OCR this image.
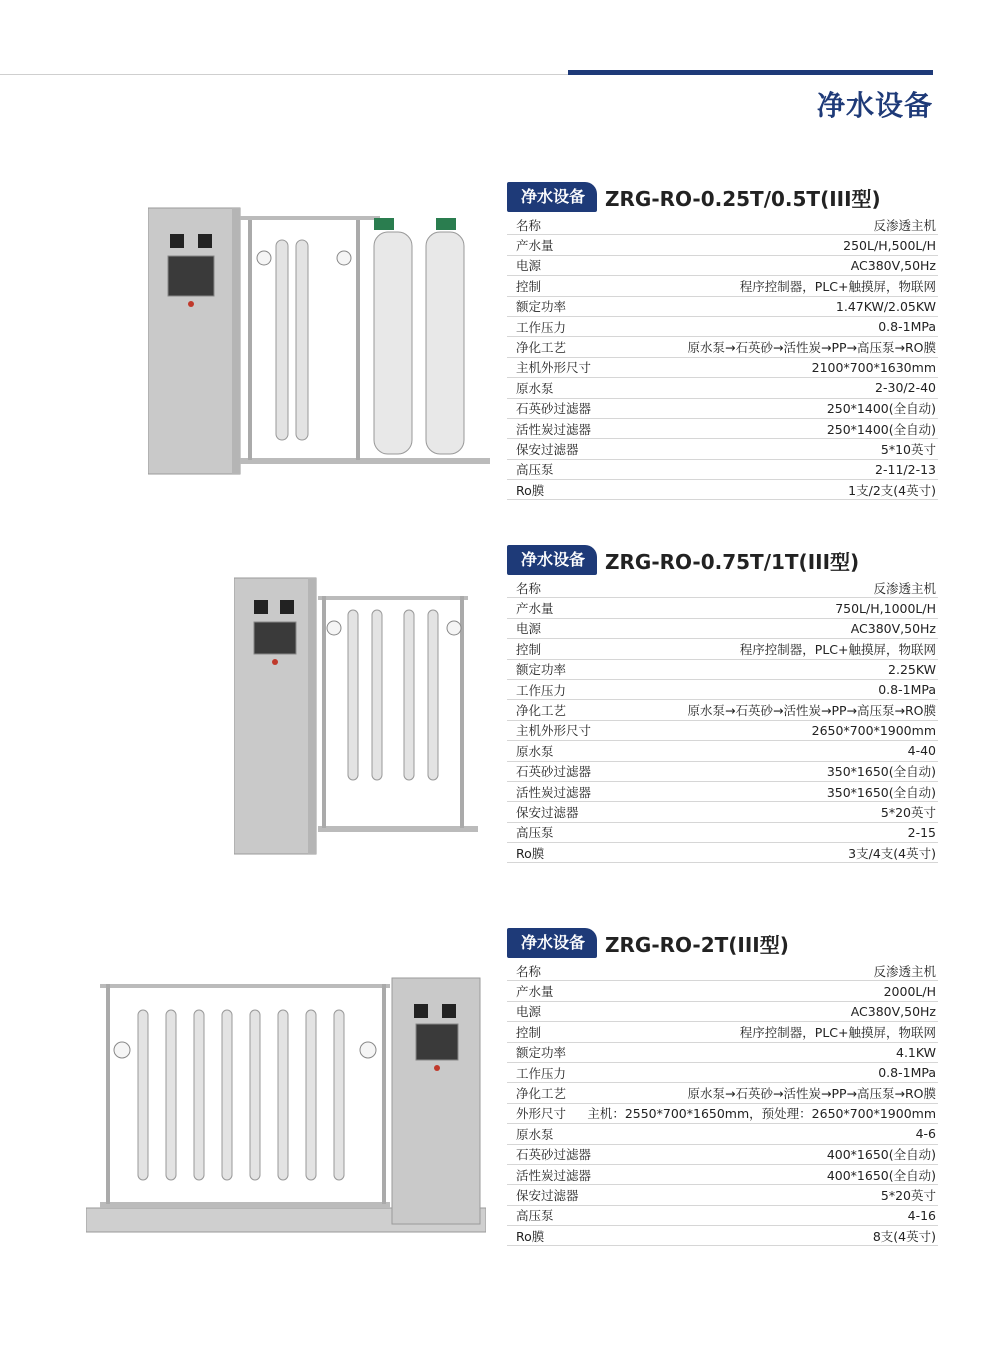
净水设备
净水设备	ZRG-RO-0.25T/0.5T(III型)
名称	反渗透主机
产水量	250L/H,500L/H
电源	AC380V,50Hz
控制	程序控制器，PLC+触摸屏，物联网
额定功率	1.47KW/2.05KW
工作压力	0.8-1MPa
净化工艺	原水泵→石英砂→活性炭→PP→高压泵→RO膜
主机外形尺寸	2100*700*1630mm
原水泵	2-30/2-40
石英砂过滤器	250*1400(全自动)
活性炭过滤器	250*1400(全自动)
保安过滤器	5*10英寸
高压泵	2-11/2-13
Ro膜	1支/2支(4英寸)
净水设备	ZRG-RO-0.75T/1T(III型)
名称	反渗透主机
产水量	750L/H,1000L/H
电源	AC380V,50Hz
控制	程序控制器，PLC+触摸屏，物联网
额定功率	2.25KW
工作压力	0.8-1MPa
净化工艺	原水泵→石英砂→活性炭→PP→高压泵→RO膜
主机外形尺寸	2650*700*1900mm
原水泵	4-40
石英砂过滤器	350*1650(全自动)
活性炭过滤器	350*1650(全自动)
保安过滤器	5*20英寸
高压泵	2-15
Ro膜	3支/4支(4英寸)
净水设备	ZRG-RO-2T(III型)
名称	反渗透主机
产水量	2000L/H
电源	AC380V,50Hz
控制	程序控制器，PLC+触摸屏，物联网
额定功率	4.1KW
工作压力	0.8-1MPa
净化工艺	原水泵→石英砂→活性炭→PP→高压泵→RO膜
外形尺寸 主机：2550*700*1650mm，预处理：2650*700*1900mm
原水泵	4-6
石英砂过滤器	400*1650(全自动)
活性炭过滤器	400*1650(全自动)
保安过滤器	5*20英寸
高压泵	4-16
Ro膜	8支(4英寸)
